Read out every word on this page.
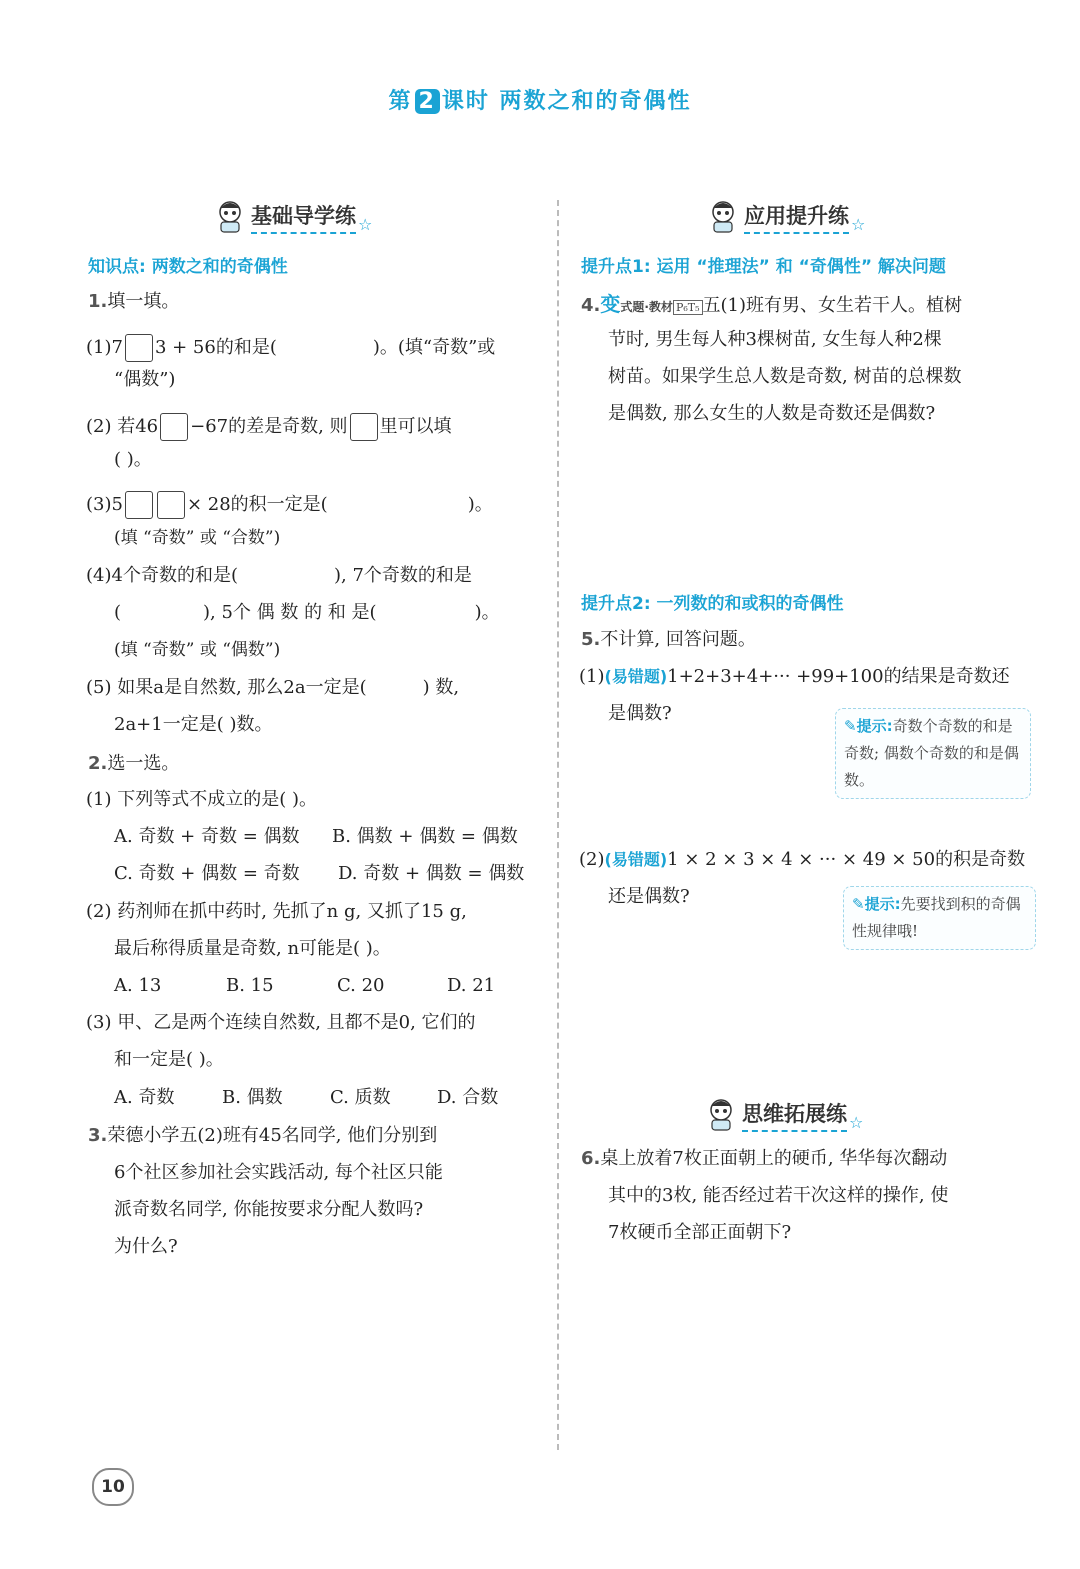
第 2 课时 两数之和的奇偶性
基础导学练 ☆
知识点: 两数之和的奇偶性
1.填一填。
(1)7 3 + 56的和是(	)。(填“奇数”或
“偶数”)
(2) 若46 −67的差是奇数, 则 里可以填
( )。
(3)5	× 28的积一定是(	)。
(填 “奇数” 或 “合数”)
(4)4个奇数的和是(	), 7个奇数的和是
(	), 5个 偶 数 的 和 是(	)。
(填 “奇数” 或 “偶数”)
(5) 如果a是自然数, 那么2a一定是(	) 数,
2a+1一定是( )数。
2.选一选。
(1) 下列等式不成立的是( )。
A. 奇数 + 奇数 = 偶数 B. 偶数 + 偶数 = 偶数
C. 奇数 + 偶数 = 奇数 D. 奇数 + 偶数 = 偶数
(2) 药剂师在抓中药时, 先抓了n g, 又抓了15 g,
最后称得质量是奇数, n可能是( )。
A. 13	B. 15	C. 20	D. 21
(3) 甲、乙是两个连续自然数, 且都不是0, 它们的
和一定是( )。
A. 奇数	B. 偶数	C. 质数	D. 合数
3.荣德小学五(2)班有45名同学, 他们分别到
6个社区参加社会实践活动, 每个社区只能
派奇数名同学, 你能按要求分配人数吗?
为什么?
应用提升练 ☆
提升点1: 运用 “推理法” 和 “奇偶性” 解决问题
4.变式题·教材 P₆T₅ 五(1)班有男、女生若干人。植树
节时, 男生每人种3棵树苗, 女生每人种2棵
树苗。如果学生总人数是奇数, 树苗的总棵数
是偶数, 那么女生的人数是奇数还是偶数?
提升点2: 一列数的和或积的奇偶性
5.不计算, 回答问题。
(1)(易错题)1+2+3+4+··· +99+100的结果是奇数还
是偶数?
✎提示:奇数个奇数的和是奇数; 偶数个奇数的和是偶数。
(2)(易错题)1 × 2 × 3 × 4 × ··· × 49 × 50的积是奇数
还是偶数?	✎提示:先要找到积的奇偶性规律哦!
思维拓展练 ☆
6.桌上放着7枚正面朝上的硬币, 华华每次翻动
其中的3枚, 能否经过若干次这样的操作, 使
7枚硬币全部正面朝下?
10
